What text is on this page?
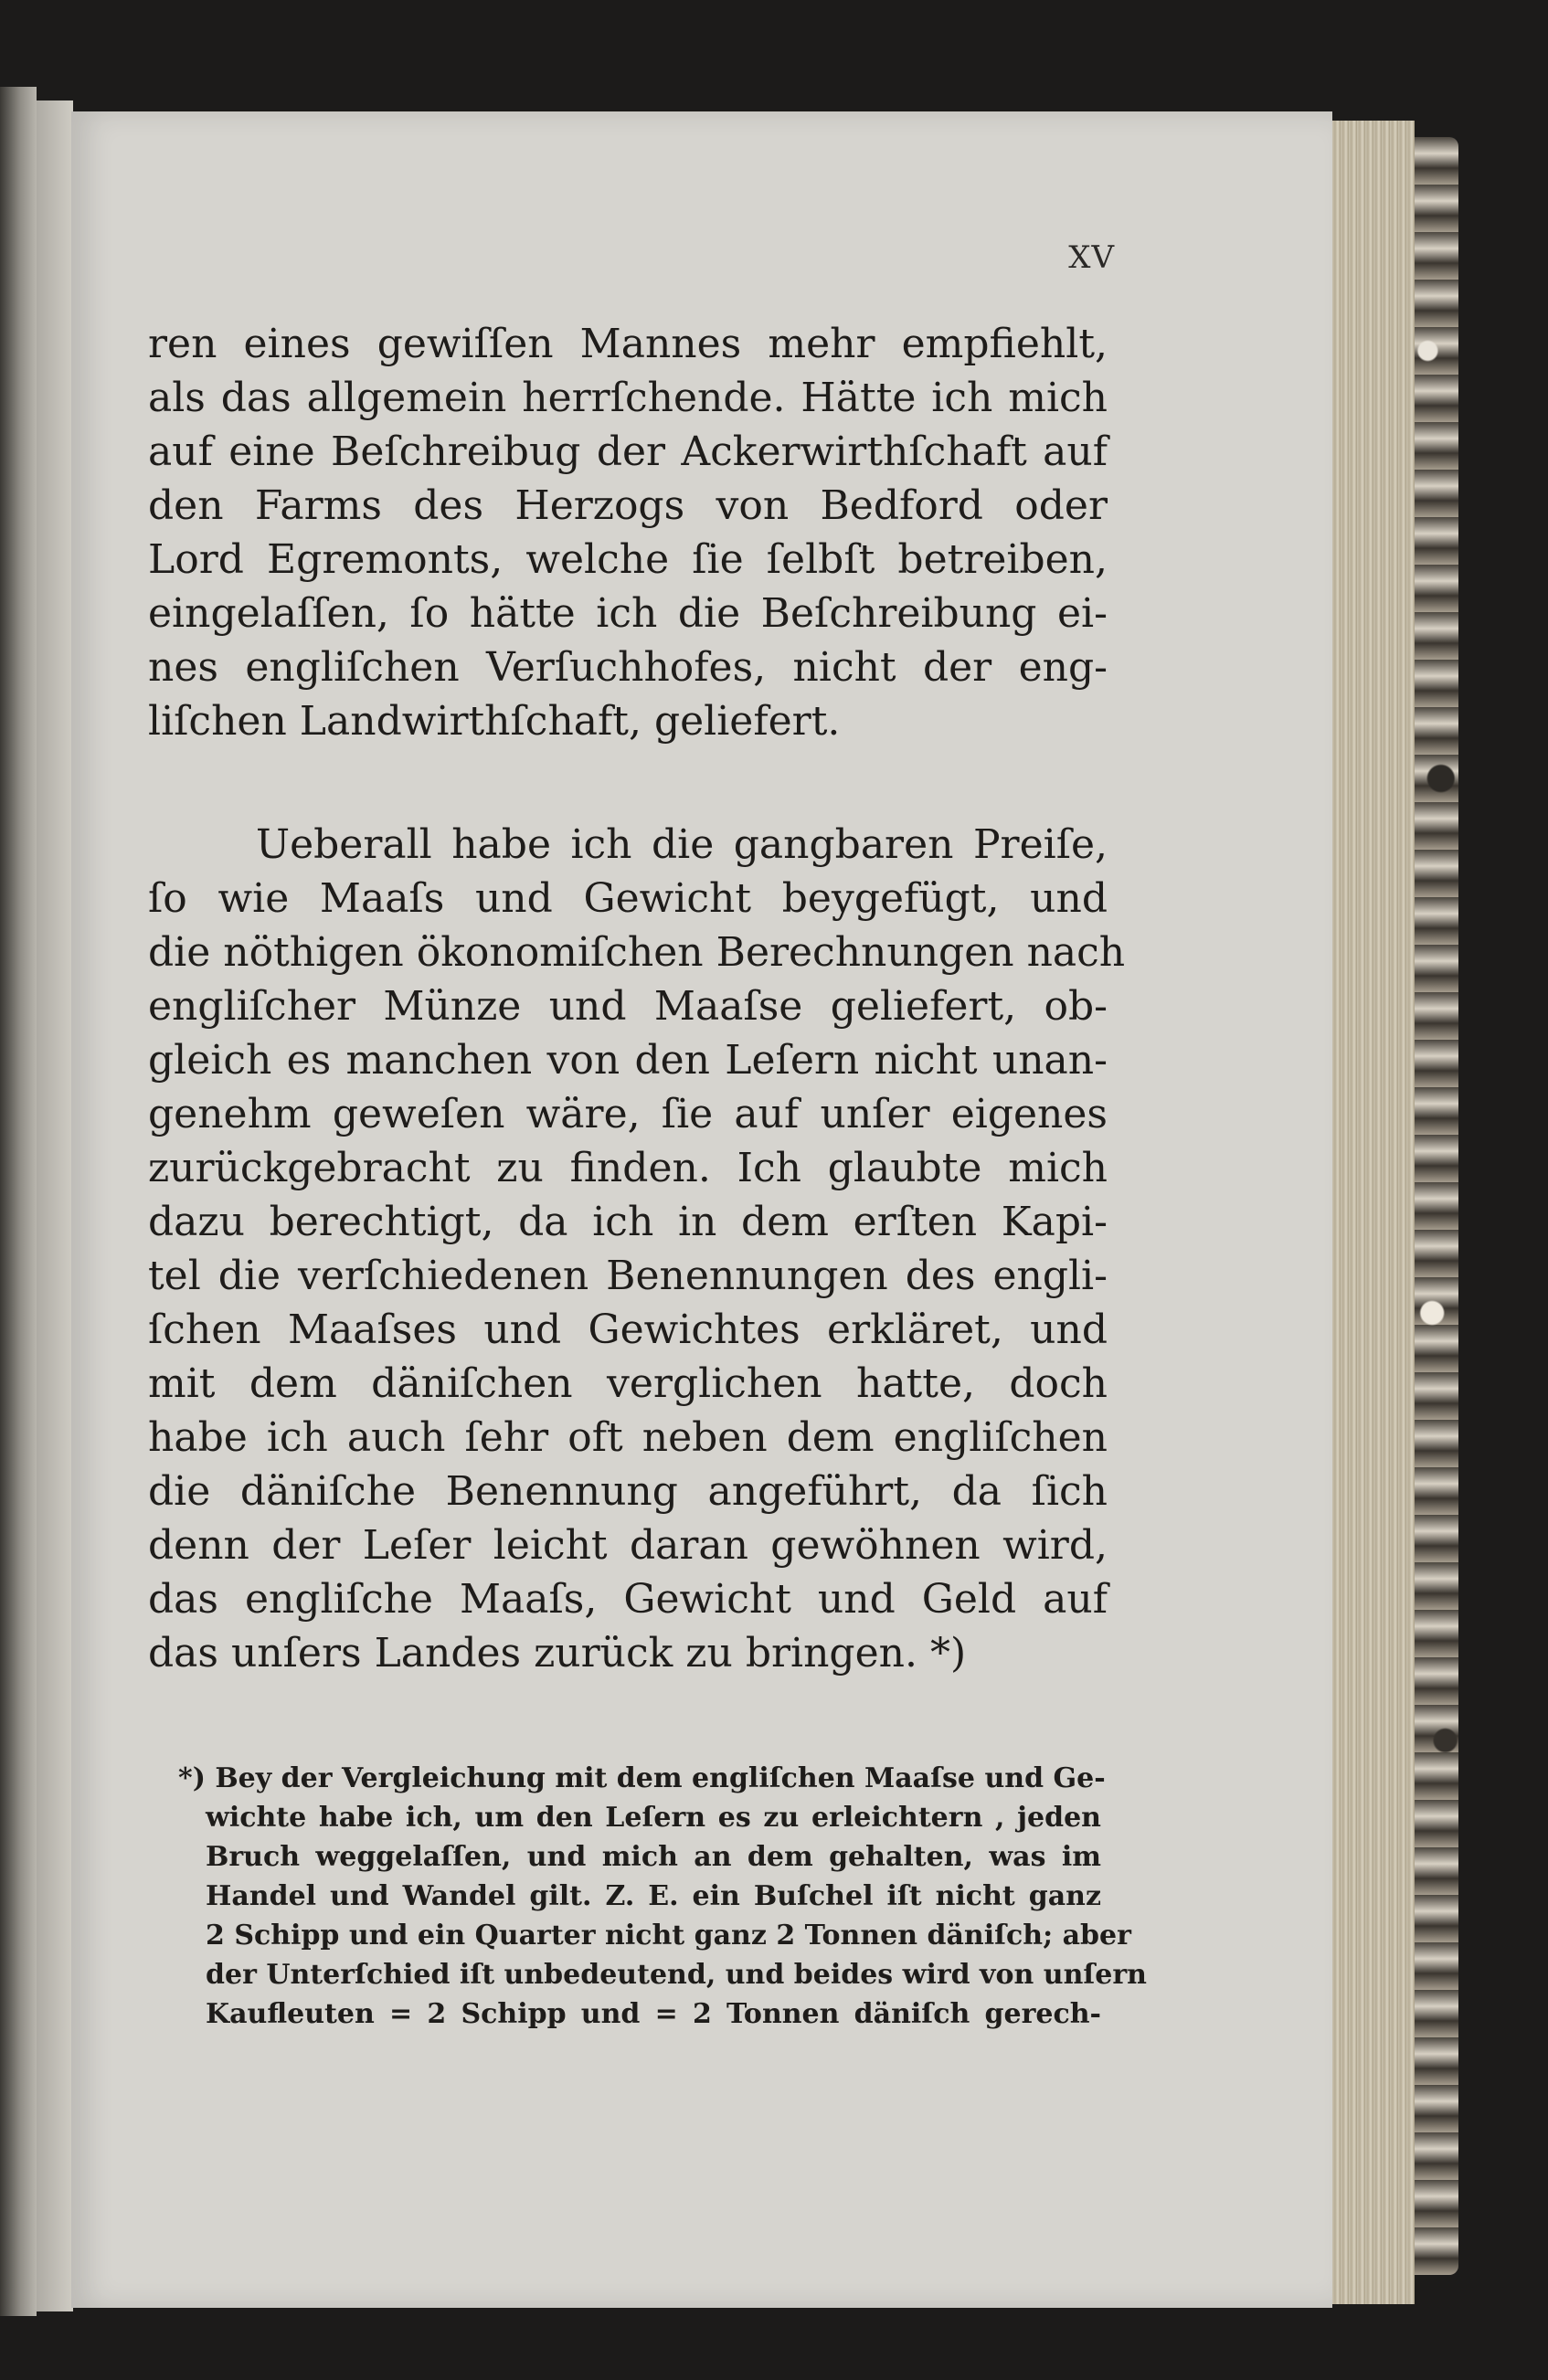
XV
ren eines gewiſſen Mannes mehr empfiehlt,
als das allgemein herrſchende. Hätte ich mich
auf eine Beſchreibug der Ackerwirthſchaft auf
den Farms des Herzogs von Bedford oder
Lord Egremonts, welche ſie ſelbſt betreiben,
eingelaſſen, ſo hätte ich die Beſchreibung ei-
nes engliſchen Verſuchhofes, nicht der eng-
liſchen Landwirthſchaft, geliefert.
Ueberall habe ich die gangbaren Preiſe,
ſo wie Maaſs und Gewicht beygefügt, und
die nöthigen ökonomiſchen Berechnungen nach
engliſcher Münze und Maaſse geliefert, ob-
gleich es manchen von den Leſern nicht unan-
genehm geweſen wäre, ſie auf unſer eigenes
zurückgebracht zu finden. Ich glaubte mich
dazu berechtigt, da ich in dem erſten Kapi-
tel die verſchiedenen Benennungen des engli-
ſchen Maaſses und Gewichtes erkläret, und
mit dem däniſchen verglichen hatte, doch
habe ich auch ſehr oft neben dem engliſchen
die däniſche Benennung angeführt, da ſich
denn der Leſer leicht daran gewöhnen wird,
das engliſche Maaſs, Gewicht und Geld auf
das unſers Landes zurück zu bringen. *)
*) Bey der Vergleichung mit dem engliſchen Maaſse und Ge-
wichte habe ich, um den Leſern es zu erleichtern , jeden
Bruch weggelaſſen, und mich an dem gehalten, was im
Handel und Wandel gilt. Z. E. ein Buſchel iſt nicht ganz
2 Schipp und ein Quarter nicht ganz 2 Tonnen däniſch; aber
der Unterſchied iſt unbedeutend, und beides wird von unſern
Kaufleuten = 2 Schipp und = 2 Tonnen däniſch gerech-
